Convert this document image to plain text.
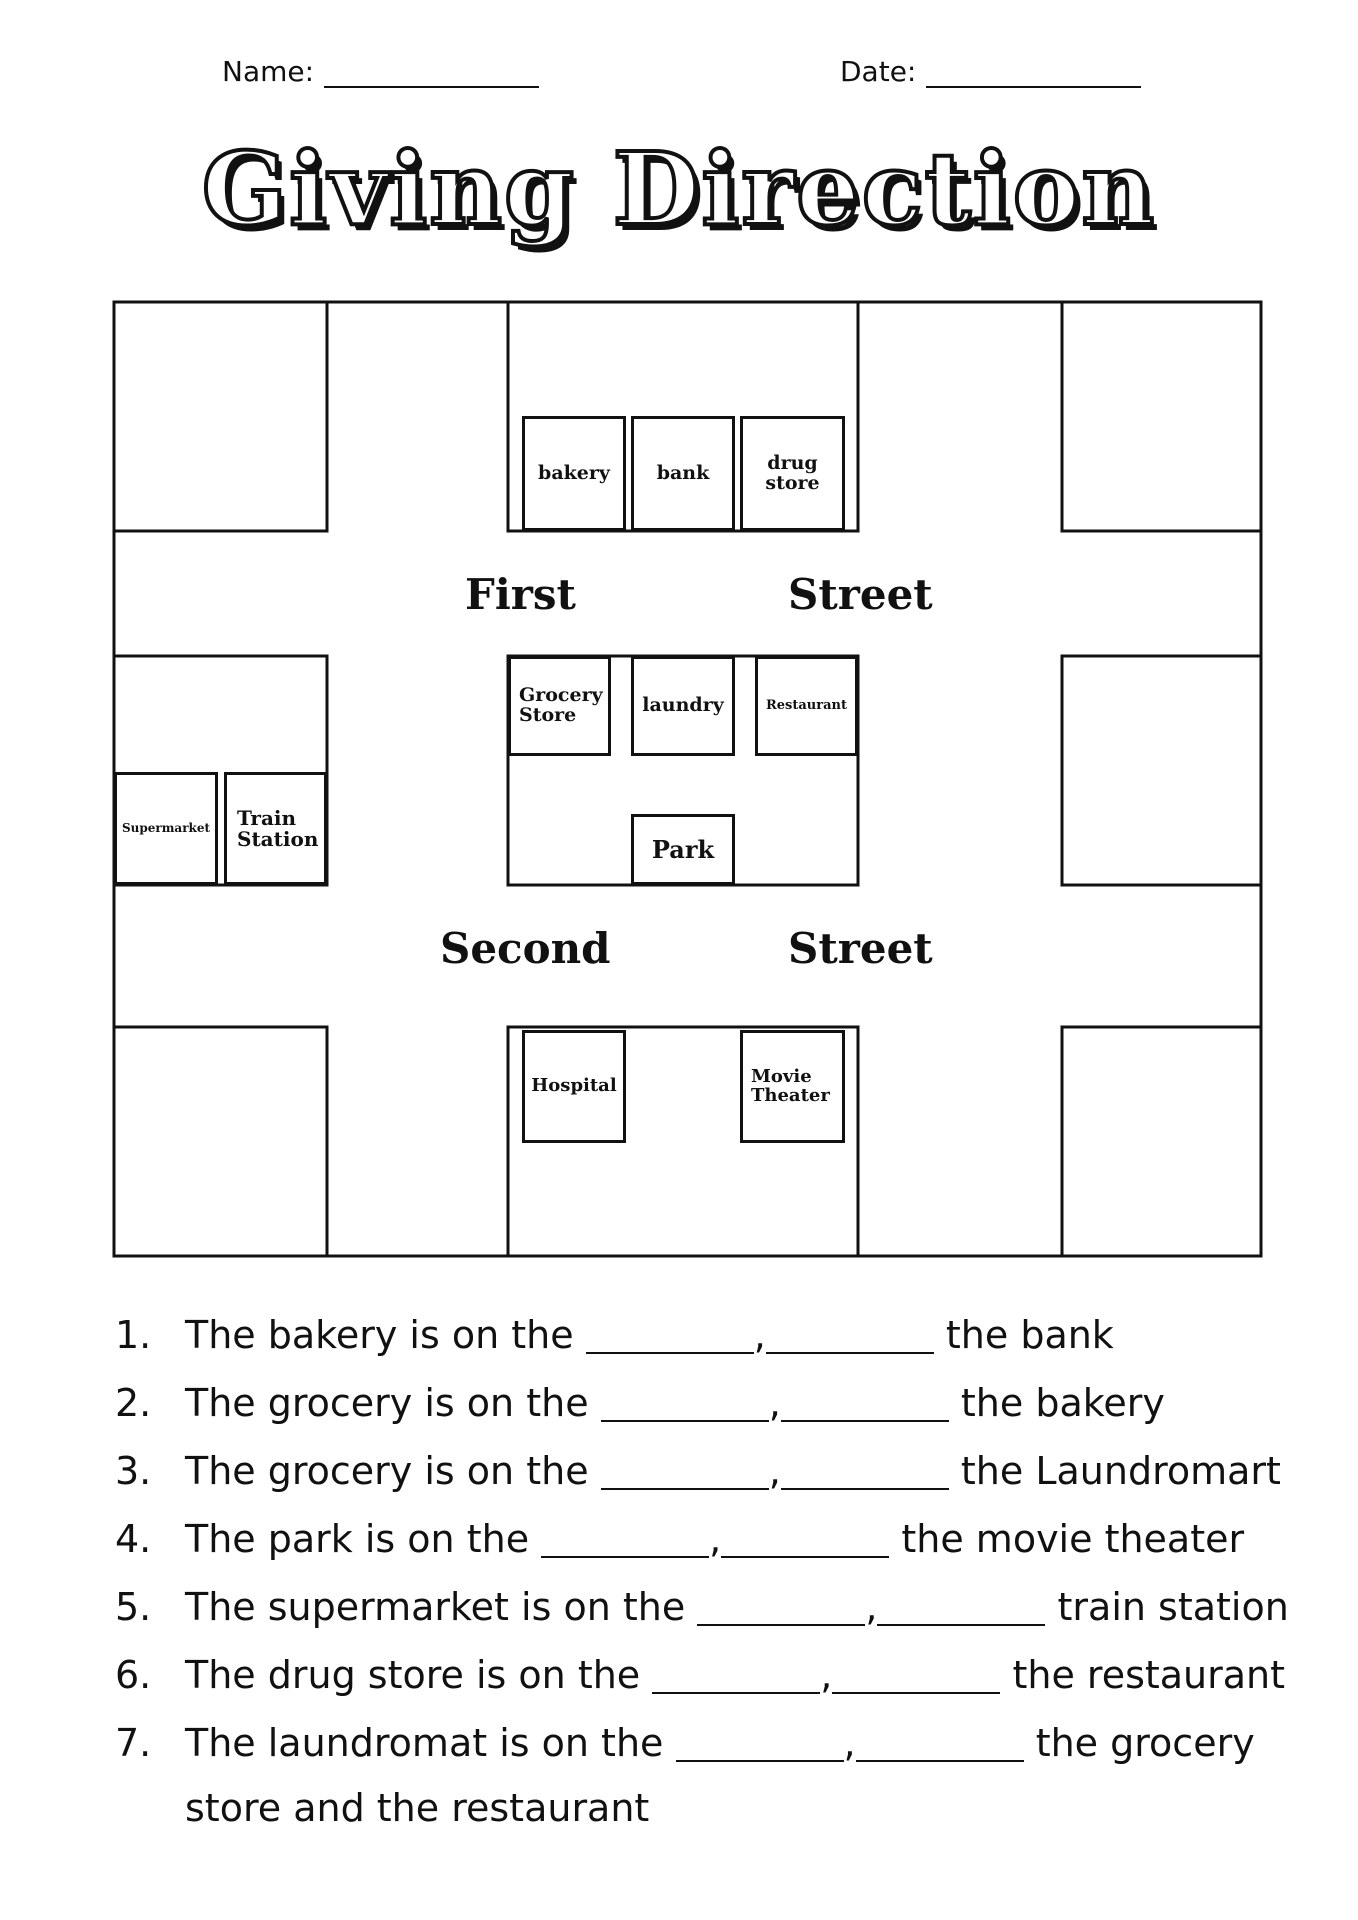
Name:	Date:
Giving Direction
bakery	bank	drug store
Grocery Store	laundry	Restaurant
Park
Supermarket	Train Station
Hospital	Movie Theater
First	Street
Second	Street
1. The bakery is on the	,	the bank
2. The grocery is on the	,	the bakery
3. The grocery is on the	,	the Laundromart
4. The park is on the	,	the movie theater
5. The supermarket is on the	,	train station
6. The drug store is on the	,	the restaurant
7. The laundromat is on the	,	the grocery
store and the restaurant
